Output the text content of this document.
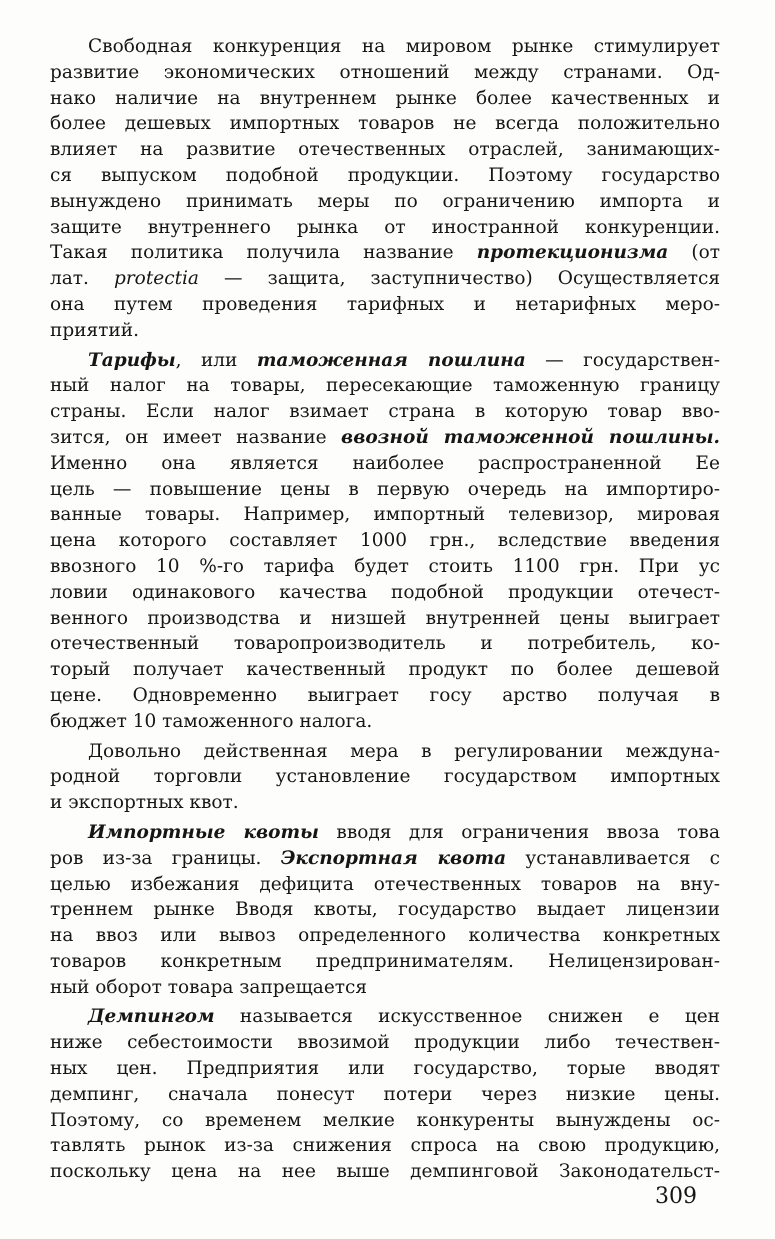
Свободная конкуренция на мировом рынке стимулирует
развитие экономических отношений между странами. Од-
нако наличие на внутреннем рынке более качественных и
более дешевых импортных товаров не всегда положительно
влияет на развитие отечественных отраслей, занимающих-
ся выпуском подобной продукции. Поэтому государство
вынуждено принимать меры по ограничению импорта и
защите внутреннего рынка от иностранной конкуренции.
Такая политика получила название протекционизма (от
лат. protectia — защита, заступничество) Осуществляется
она путем проведения тарифных и нетарифных меро-
приятий.
Тарифы, или таможенная пошлина — государствен-
ный налог на товары, пересекающие таможенную границу
страны. Если налог взимает страна в которую товар вво-
зится, он имеет название ввозной таможенной пошлины.
Именно она является наиболее распространенной Ее
цель — повышение цены в первую очередь на импортиро-
ванные товары. Например, импортный телевизор, мировая
цена которого составляет 1000 грн., вследствие введения
ввозного 10 %-го тарифа будет стоить 1100 грн. При ус
ловии одинакового качества подобной продукции отечест-
венного производства и низшей внутренней цены выиграет
отечественный товаропроизводитель и потребитель, ко-
торый получает качественный продукт по более дешевой
цене. Одновременно выиграет госу арство получая в
бюджет 10 таможенного налога.
Довольно действенная мера в регулировании междуна-
родной торговли установление государством импортных
и экспортных квот.
Импортные квоты вводя для ограничения ввоза това
ров из-за границы. Экспортная квота устанавливается с
целью избежания дефицита отечественных товаров на вну-
треннем рынке Вводя квоты, государство выдает лицензии
на ввоз или вывоз определенного количества конкретных
товаров конкретным предпринимателям. Нелицензирован-
ный оборот товара запрещается
Демпингом называется искусственное снижен е цен
ниже себестоимости ввозимой продукции либо течествен-
ных цен. Предприятия или государство, торые вводят
демпинг, сначала понесут потери через низкие цены.
Поэтому, со временем мелкие конкуренты вынуждены ос-
тавлять рынок из-за снижения спроса на свою продукцию,
поскольку цена на нее выше демпинговой Законодательст-
309
